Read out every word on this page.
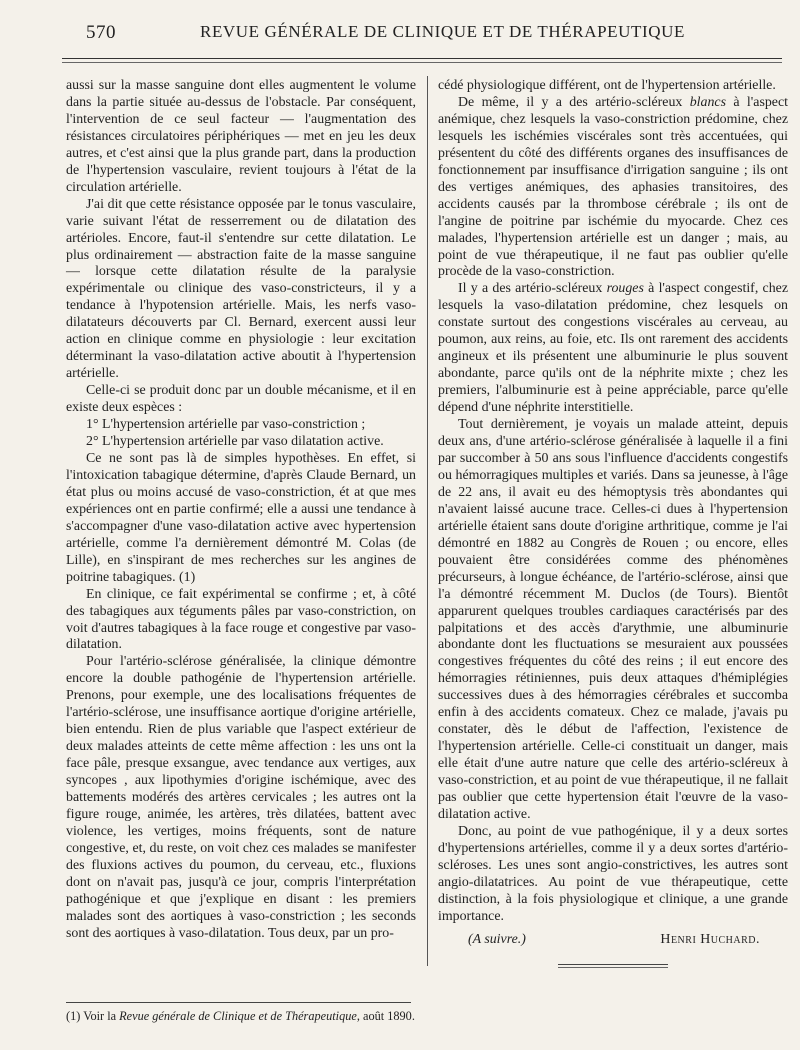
570	REVUE GÉNÉRALE DE CLINIQUE ET DE THÉRAPEUTIQUE

aussi sur la masse sanguine dont elles augmentent le volume dans la partie située au-dessus de l'obstacle. Par conséquent, l'intervention de ce seul facteur — l'augmentation des résistances circulatoires périphériques — met en jeu les deux autres, et c'est ainsi que la plus grande part, dans la production de l'hypertension vasculaire, revient toujours à l'état de la circulation artérielle.

J'ai dit que cette résistance opposée par le tonus vasculaire, varie suivant l'état de resserrement ou de dilatation des artérioles. Encore, faut-il s'entendre sur cette dilatation. Le plus ordinairement — abstraction faite de la masse sanguine — lorsque cette dilatation résulte de la paralysie expérimentale ou clinique des vaso-constricteurs, il y a tendance à l'hypotension artérielle. Mais, les nerfs vaso-dilatateurs découverts par Cl. Bernard, exercent aussi leur action en clinique comme en physiologie : leur excitation déterminant la vaso-dilatation active aboutit à l'hypertension artérielle.

Celle-ci se produit donc par un double mécanisme, et il en existe deux espèces :

1° L'hypertension artérielle par vaso-constriction ;
2° L'hypertension artérielle par vaso dilatation active.

Ce ne sont pas là de simples hypothèses. En effet, si l'intoxication tabagique détermine, d'après Claude Bernard, un état plus ou moins accusé de vaso-constriction, ét at que mes expériences ont en partie confirmé; elle a aussi une tendance à s'accompagner d'une vaso-dilatation active avec hypertension artérielle, comme l'a dernièrement démontré M. Colas (de Lille), en s'inspirant de mes recherches sur les angines de poitrine tabagiques. (1)

En clinique, ce fait expérimental se confirme ; et, à côté des tabagiques aux téguments pâles par vaso-constriction, on voit d'autres tabagiques à la face rouge et congestive par vaso-dilatation.

Pour l'artério-sclérose généralisée, la clinique démontre encore la double pathogénie de l'hypertension artérielle. Prenons, pour exemple, une des localisations fréquentes de l'artério-sclérose, une insuffisance aortique d'origine artérielle, bien entendu. Rien de plus variable que l'aspect extérieur de deux malades atteints de cette même affection : les uns ont la face pâle, presque exsangue, avec tendance aux vertiges, aux syncopes , aux lipothymies d'origine ischémique, avec des battements modérés des artères cervicales ; les autres ont la figure rouge, animée, les artères, très dilatées, battent avec violence, les vertiges, moins fréquents, sont de nature congestive, et, du reste, on voit chez ces malades se manifester des fluxions actives du poumon, du cerveau, etc., fluxions dont on n'avait pas, jusqu'à ce jour, compris l'interprétation pathogénique et que j'explique en disant : les premiers malades sont des aortiques à vaso-constriction ; les seconds sont des aortiques à vaso-dilatation. Tous deux, par un pro-

cédé physiologique différent, ont de l'hypertension artérielle.

De même, il y a des artério-scléreux blancs à l'aspect anémique, chez lesquels la vaso-constriction prédomine, chez lesquels les ischémies viscérales sont très accentuées, qui présentent du côté des différents organes des insuffisances de fonctionnement par insuffisance d'irrigation sanguine ; ils ont des vertiges anémiques, des aphasies transitoires, des accidents causés par la thrombose cérébrale ; ils ont de l'angine de poitrine par ischémie du myocarde. Chez ces malades, l'hypertension artérielle est un danger ; mais, au point de vue thérapeutique, il ne faut pas oublier qu'elle procède de la vaso-constriction.

Il y a des artério-scléreux rouges à l'aspect congestif, chez lesquels la vaso-dilatation prédomine, chez lesquels on constate surtout des congestions viscérales au cerveau, au poumon, aux reins, au foie, etc. Ils ont rarement des accidents angineux et ils présentent une albuminurie le plus souvent abondante, parce qu'ils ont de la néphrite mixte ; chez les premiers, l'albuminurie est à peine appréciable, parce qu'elle dépend d'une néphrite interstitielle.

Tout dernièrement, je voyais un malade atteint, depuis deux ans, d'une artério-sclérose généralisée à laquelle il a fini par succomber à 50 ans sous l'influence d'accidents congestifs ou hémorragiques multiples et variés. Dans sa jeunesse, à l'âge de 22 ans, il avait eu des hémoptysis très abondantes qui n'avaient laissé aucune trace. Celles-ci dues à l'hypertension artérielle étaient sans doute d'origine arthritique, comme je l'ai démontré en 1882 au Congrès de Rouen ; ou encore, elles pouvaient être considérées comme des phénomènes précurseurs, à longue échéance, de l'artério-sclérose, ainsi que l'a démontré récemment M. Duclos (de Tours). Bientôt apparurent quelques troubles cardiaques caractérisés par des palpitations et des accès d'arythmie, une albuminurie abondante dont les fluctuations se mesuraient aux poussées congestives fréquentes du côté des reins ; il eut encore des hémorragies rétiniennes, puis deux attaques d'hémiplégies successives dues à des hémorragies cérébrales et succomba enfin à des accidents comateux. Chez ce malade, j'avais pu constater, dès le début de l'affection, l'existence de l'hypertension artérielle. Celle-ci constituait un danger, mais elle était d'une autre nature que celle des artério-scléreux à vaso-constriction, et au point de vue thérapeutique, il ne fallait pas oublier que cette hypertension était l'œuvre de la vaso-dilatation active.

Donc, au point de vue pathogénique, il y a deux sortes d'hypertensions artérielles, comme il y a deux sortes d'artério-scléroses. Les unes sont angio-constrictives, les autres sont angio-dilatatrices. Au point de vue thérapeutique, cette distinction, à la fois physiologique et clinique, a une grande importance.

(A suivre.)	Henri Huchard.
(1) Voir la Revue générale de Clinique et de Thérapeutique, août 1890.
